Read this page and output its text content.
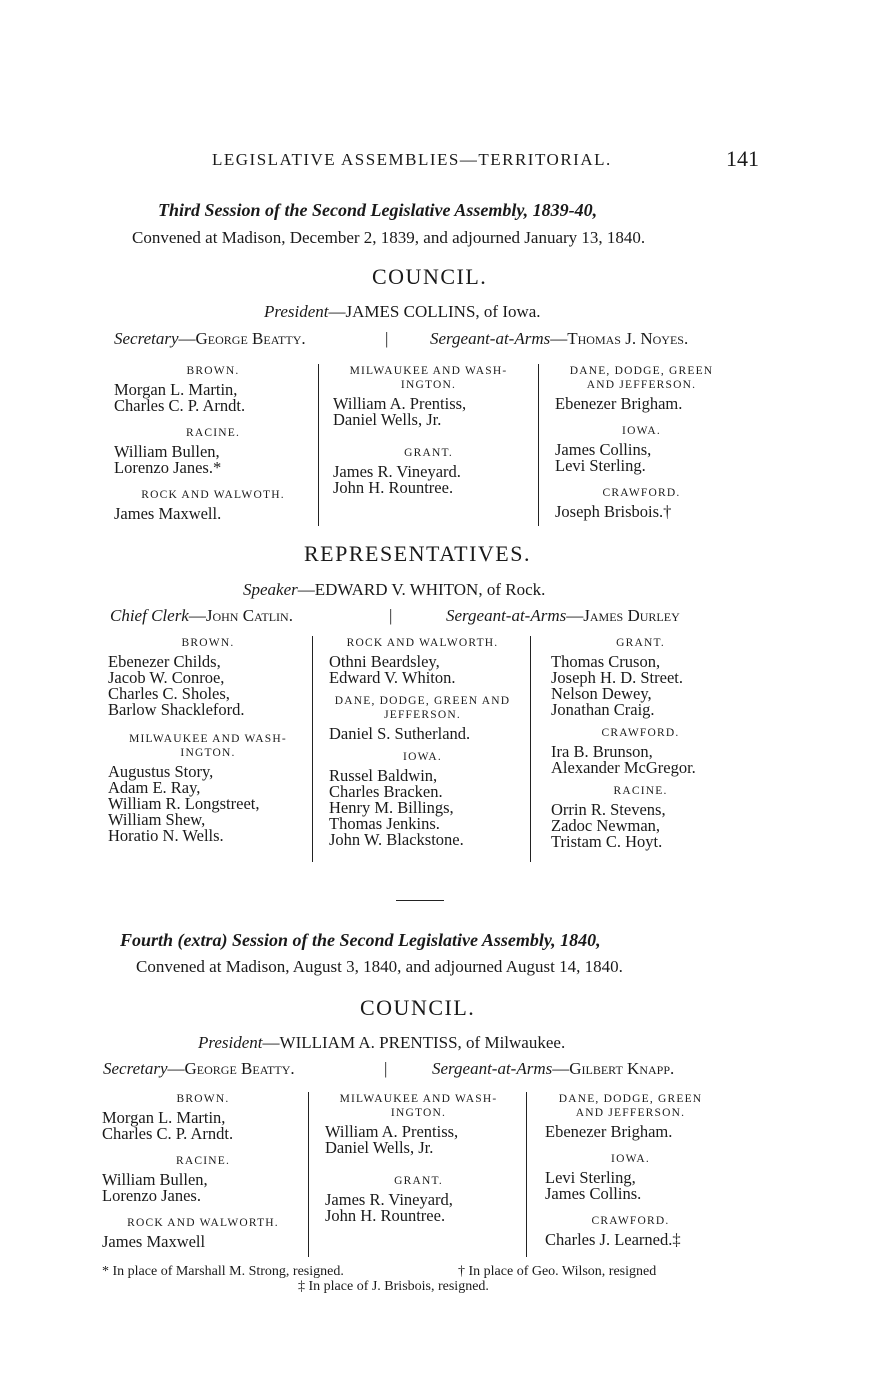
LEGISLATIVE ASSEMBLIES—TERRITORIAL.	141
Third Session of the Second Legislative Assembly, 1839-40,
Convened at Madison, December 2, 1839, and adjourned January 13, 1840.
COUNCIL.
President—JAMES COLLINS, of Iowa.
Secretary—George Beatty.	| Sergeant-at-Arms—Thomas J. Noyes.
BROWN.
Morgan L. Martin,
Charles C. P. Arndt.
RACINE.
William Bullen,
Lorenzo Janes.*
ROCK AND WALWOTH.
James Maxwell.
MILWAUKEE AND WASH-INGTON.
William A. Prentiss,
Daniel Wells, Jr.
GRANT.
James R. Vineyard.
John H. Rountree.
DANE, DODGE, GREEN AND JEFFERSON.
Ebenezer Brigham.
IOWA.
James Collins,
Levi Sterling.
CRAWFORD.
Joseph Brisbois.†
REPRESENTATIVES.
Speaker—EDWARD V. WHITON, of Rock.
Chief Clerk—John Catlin.	|	Sergeant-at-Arms—James Durley
BROWN.
Ebenezer Childs,
Jacob W. Conroe,
Charles C. Sholes,
Barlow Shackleford.
MILWAUKEE AND WASH-INGTON.
Augustus Story,
Adam E. Ray,
William R. Longstreet,
William Shew,
Horatio N. Wells.
ROCK AND WALWORTH.
Othni Beardsley,
Edward V. Whiton.
DANE, DODGE, GREEN AND JEFFERSON.
Daniel S. Sutherland.
IOWA.
Russel Baldwin,
Charles Bracken.
Henry M. Billings,
Thomas Jenkins.
John W. Blackstone.
GRANT.
Thomas Cruson,
Joseph H. D. Street.
Nelson Dewey,
Jonathan Craig.
CRAWFORD.
Ira B. Brunson,
Alexander McGregor.
RACINE.
Orrin R. Stevens,
Zadoc Newman,
Tristam C. Hoyt.
Fourth (extra) Session of the Second Legislative Assembly, 1840,
Convened at Madison, August 3, 1840, and adjourned August 14, 1840.
COUNCIL.
President—WILLIAM A. PRENTISS, of Milwaukee.
Secretary—George Beatty.	|	Sergeant-at-Arms—Gilbert Knapp.
BROWN.
Morgan L. Martin,
Charles C. P. Arndt.
RACINE.
William Bullen,
Lorenzo Janes.
ROCK AND WALWORTH.
James Maxwell
MILWAUKEE AND WASH-INGTON.
William A. Prentiss,
Daniel Wells, Jr.
GRANT.
James R. Vineyard,
John H. Rountree.
DANE, DODGE, GREEN AND JEFFERSON.
Ebenezer Brigham.
IOWA.
Levi Sterling,
James Collins.
CRAWFORD.
Charles J. Learned.‡
* In place of Marshall M. Strong, resigned.	† In place of Geo. Wilson, resigned
‡ In place of J. Brisbois, resigned.
